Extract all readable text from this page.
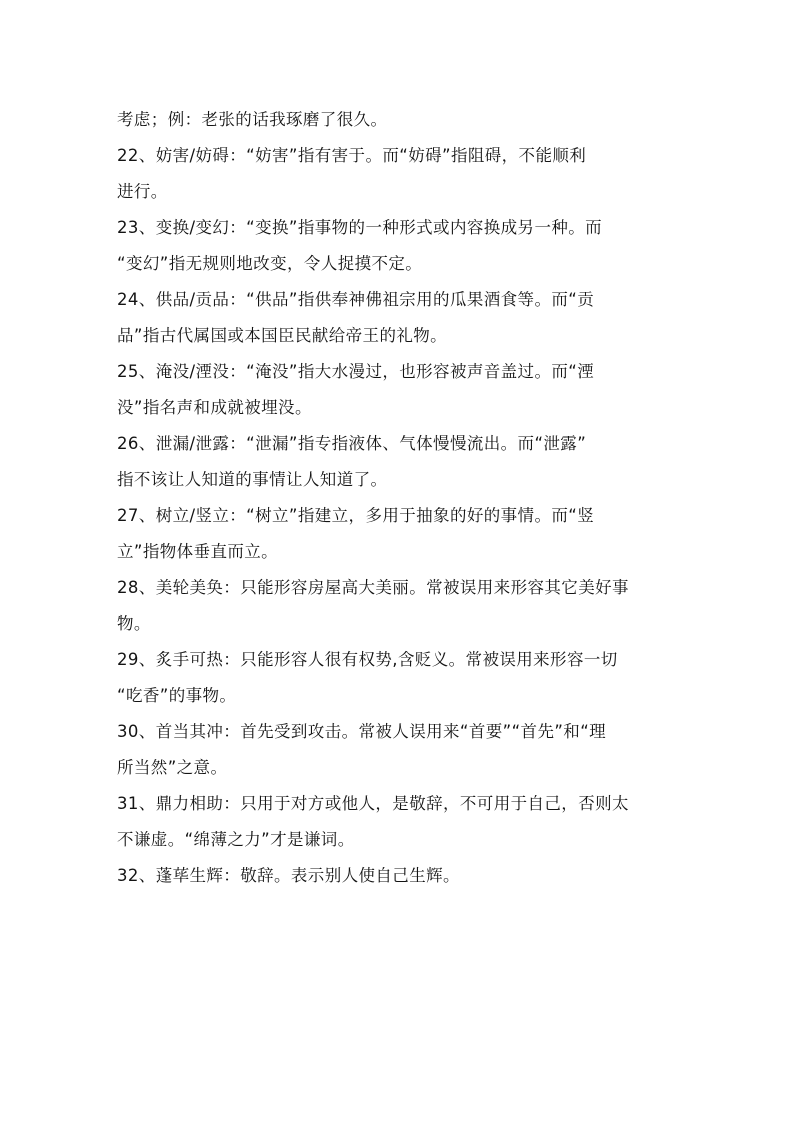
考虑；例：老张的话我琢磨了很久。
22、妨害/妨碍：“妨害”指有害于。而“妨碍”指阻碍，不能顺利
进行。
23、变换/变幻：“变换”指事物的一种形式或内容换成另一种。而
“变幻”指无规则地改变，令人捉摸不定。
24、供品/贡品：“供品”指供奉神佛祖宗用的瓜果酒食等。而“贡
品”指古代属国或本国臣民献给帝王的礼物。
25、淹没/湮没：“淹没”指大水漫过，也形容被声音盖过。而“湮
没”指名声和成就被埋没。
26、泄漏/泄露：“泄漏”指专指液体、气体慢慢流出。而“泄露”
指不该让人知道的事情让人知道了。
27、树立/竖立：“树立”指建立，多用于抽象的好的事情。而“竖
立”指物体垂直而立。
28、美轮美奂：只能形容房屋高大美丽。常被误用来形容其它美好事
物。
29、炙手可热：只能形容人很有权势,含贬义。常被误用来形容一切
“吃香”的事物。
30、首当其冲：首先受到攻击。常被人误用来“首要”“首先”和“理
所当然”之意。
31、鼎力相助：只用于对方或他人，是敬辞，不可用于自己，否则太
不谦虚。“绵薄之力”才是谦词。
32、蓬荜生辉：敬辞。表示别人使自己生辉。
